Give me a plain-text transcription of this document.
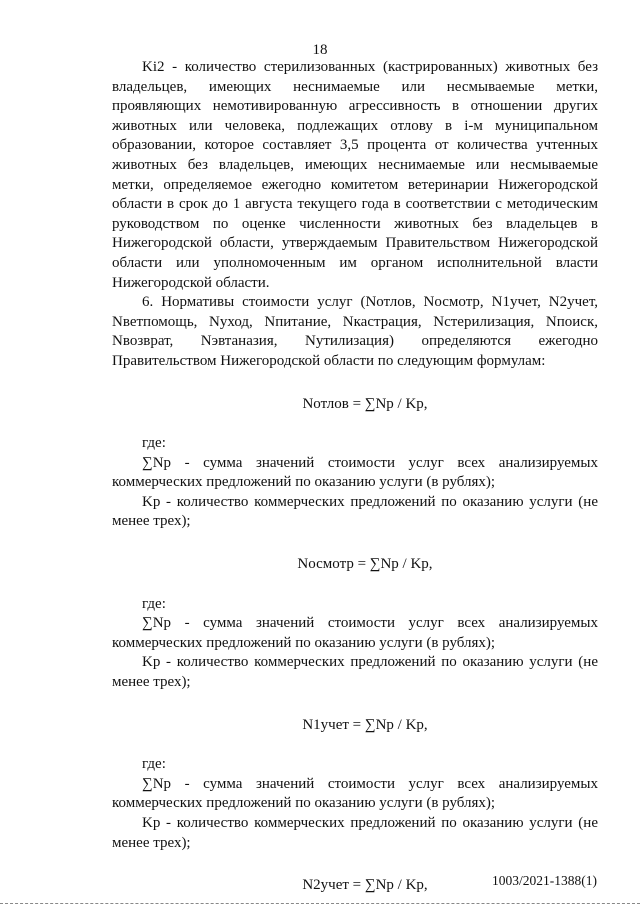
18

Ki2 - количество стерилизованных (кастрированных) животных без владельцев, имеющих неснимаемые или несмываемые метки, проявляющих немотивированную агрессивность в отношении других животных или человека, подлежащих отлову в i-м муниципальном образовании, которое составляет 3,5 процента от количества учтенных животных без владельцев, имеющих неснимаемые или несмываемые метки, определяемое ежегодно комитетом ветеринарии Нижегородской области в срок до 1 августа текущего года в соответствии с методическим руководством по оценке численности животных без владельцев в Нижегородской области, утверждаемым Правительством Нижегородской области или уполномоченным им органом исполнительной власти Нижегородской области.

6. Нормативы стоимости услуг (Nотлов, Nосмотр, N1учет, N2учет, Nветпомощь, Nуход, Nпитание, Nкастрация, Nстерилизация, Nпоиск, Nвозврат, Nэвтаназия, Nутилизация) определяются ежегодно Правительством Нижегородской области по следующим формулам:

Nотлов = ∑Np / Kp,
где:

∑Np - сумма значений стоимости услуг всех анализируемых коммерческих предложений по оказанию услуги (в рублях);

Kp - количество коммерческих предложений по оказанию услуги (не менее трех);

Nосмотр = ∑Np / Kp,
где:

∑Np - сумма значений стоимости услуг всех анализируемых коммерческих предложений по оказанию услуги (в рублях);

Kp - количество коммерческих предложений по оказанию услуги (не менее трех);

N1учет = ∑Np / Kp,
где:

∑Np - сумма значений стоимости услуг всех анализируемых коммерческих предложений по оказанию услуги (в рублях);

Kp - количество коммерческих предложений по оказанию услуги (не менее трех);

N2учет = ∑Np / Kp,	1003/2021-1388(1)
